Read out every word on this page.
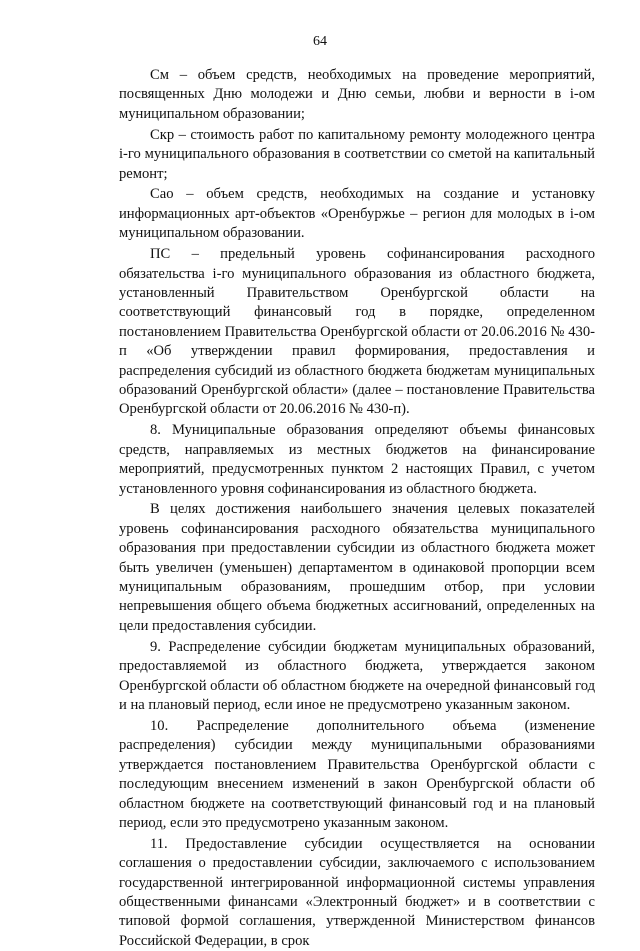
64

См – объем средств, необходимых на проведение мероприятий, посвященных Дню молодежи и Дню семьи, любви и верности в i-ом муниципальном образовании;

Скр – стоимость работ по капитальному ремонту молодежного центра i-го муниципального образования в соответствии со сметой на капитальный ремонт;

Сао – объем средств, необходимых на создание и установку информационных арт-объектов «Оренбуржье – регион для молодых в i-ом муниципальном образовании.

ПС – предельный уровень софинансирования расходного обязательства i-го муниципального образования из областного бюджета, установленный Правительством Оренбургской области на соответствующий финансовый год в порядке, определенном постановлением Правительства Оренбургской области от 20.06.2016 № 430-п «Об утверждении правил формирования, предоставления и распределения субсидий из областного бюджета бюджетам муниципальных образований Оренбургской области» (далее – постановление Правительства Оренбургской области от 20.06.2016 № 430-п).

8. Муниципальные образования определяют объемы финансовых средств, направляемых из местных бюджетов на финансирование мероприятий, предусмотренных пунктом 2 настоящих Правил, с учетом установленного уровня софинансирования из областного бюджета.

В целях достижения наибольшего значения целевых показателей уровень софинансирования расходного обязательства муниципального образования при предоставлении субсидии из областного бюджета может быть увеличен (уменьшен) департаментом в одинаковой пропорции всем муниципальным образованиям, прошедшим отбор, при условии непревышения общего объема бюджетных ассигнований, определенных на цели предоставления субсидии.

9. Распределение субсидии бюджетам муниципальных образований, предоставляемой из областного бюджета, утверждается законом Оренбургской области об областном бюджете на очередной финансовый год и на плановый период, если иное не предусмотрено указанным законом.

10. Распределение дополнительного объема (изменение распределения) субсидии между муниципальными образованиями утверждается постановлением Правительства Оренбургской области с последующим внесением изменений в закон Оренбургской области об областном бюджете на соответствующий финансовый год и на плановый период, если это предусмотрено указанным законом.

11. Предоставление субсидии осуществляется на основании соглашения о предоставлении субсидии, заключаемого с использованием государственной интегрированной информационной системы управления общественными финансами «Электронный бюджет» и в соответствии с типовой формой соглашения, утвержденной Министерством финансов Российской Федерации, в срок
